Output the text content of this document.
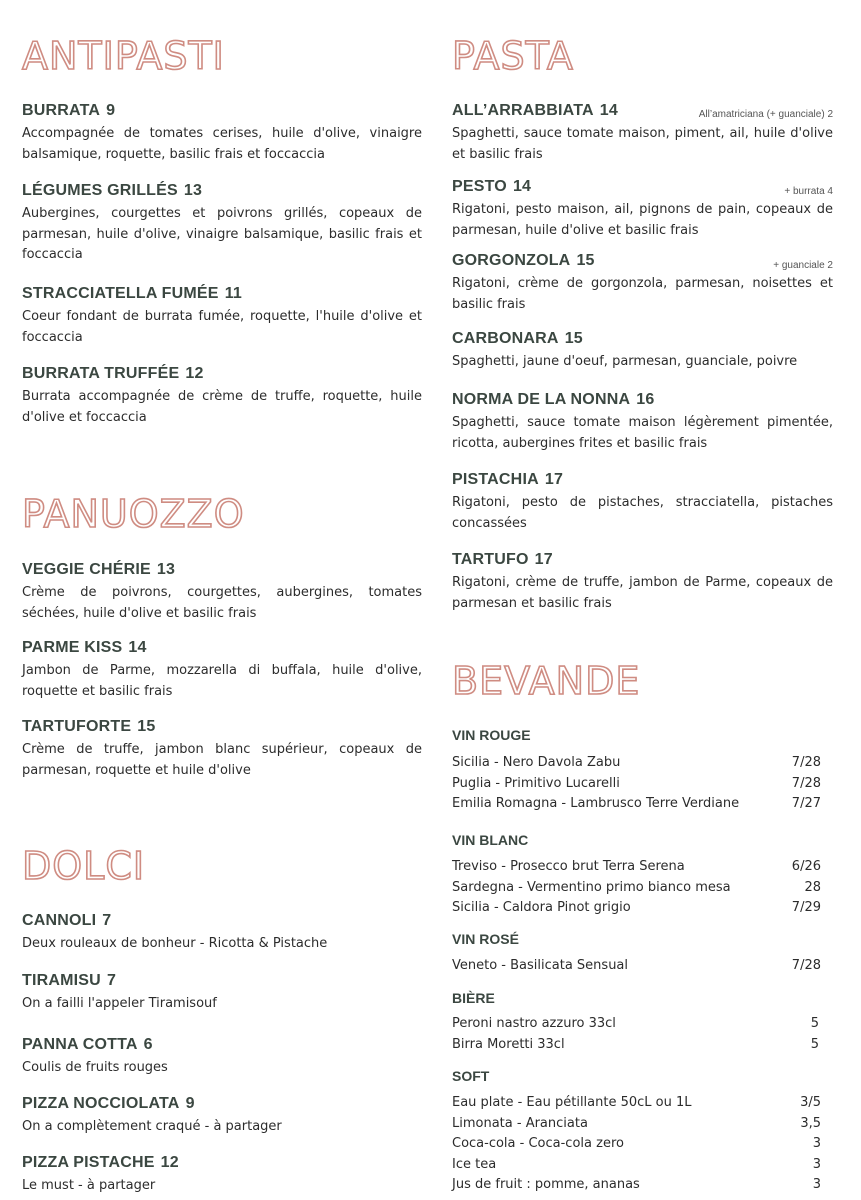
ANTIPASTI
BURRATA 9
Accompagnée de tomates cerises, huile d'olive, vinaigre balsamique, roquette, basilic frais et foccaccia
LÉGUMES GRILLÉS 13
Aubergines, courgettes et poivrons grillés, copeaux de parmesan, huile d'olive, vinaigre balsamique, basilic frais et foccaccia
STRACCIATELLA FUMÉE 11
Coeur fondant de burrata fumée, roquette, l'huile d'olive et foccaccia
BURRATA TRUFFÉE 12
Burrata accompagnée de crème de truffe, roquette, huile d'olive et foccaccia
PANUOZZO
VEGGIE CHÉRIE 13
Crème de poivrons, courgettes, aubergines, tomates séchées, huile d'olive et basilic frais
PARME KISS 14
Jambon de Parme, mozzarella di buffala, huile d'olive, roquette et basilic frais
TARTUFORTE 15
Crème de truffe, jambon blanc supérieur, copeaux de parmesan, roquette et huile d'olive
DOLCI
CANNOLI 7
Deux rouleaux de bonheur - Ricotta & Pistache
TIRAMISU 7
On a failli l'appeler Tiramisouf
PANNA COTTA 6
Coulis de fruits rouges
PIZZA NOCCIOLATA 9
On a complètement craqué - à partager
PIZZA PISTACHE 12
Le must - à partager
PASTA
ALL’ARRABBIATA 14	All’amatriciana (+ guanciale) 2
Spaghetti, sauce tomate maison, piment, ail, huile d'olive et basilic frais
PESTO 14	+ burrata 4
Rigatoni, pesto maison, ail, pignons de pain, copeaux de parmesan, huile d'olive et basilic frais
GORGONZOLA 15	+ guanciale 2
Rigatoni, crème de gorgonzola, parmesan, noisettes et basilic frais
CARBONARA 15
Spaghetti, jaune d'oeuf, parmesan, guanciale, poivre
NORMA DE LA NONNA 16
Spaghetti, sauce tomate maison légèrement pimentée, ricotta, aubergines frites et basilic frais
PISTACHIA 17
Rigatoni, pesto de pistaches, stracciatella, pistaches concassées
TARTUFO 17
Rigatoni, crème de truffe, jambon de Parme, copeaux de parmesan et basilic frais
BEVANDE
VIN ROUGE
Sicilia - Nero Davola Zabu	7/28
Puglia - Primitivo Lucarelli	7/28
Emilia Romagna - Lambrusco Terre Verdiane	7/27
VIN BLANC
Treviso - Prosecco brut Terra Serena	6/26
Sardegna - Vermentino primo bianco mesa	28
Sicilia - Caldora Pinot grigio	7/29
VIN ROSÉ
Veneto - Basilicata Sensual	7/28
BIÈRE
Peroni nastro azzuro 33cl	5
Birra Moretti 33cl	5
SOFT
Eau plate - Eau pétillante 50cL ou 1L	3/5
Limonata - Aranciata	3,5
Coca-cola - Coca-cola zero	3
Ice tea	3
Jus de fruit : pomme, ananas	3
